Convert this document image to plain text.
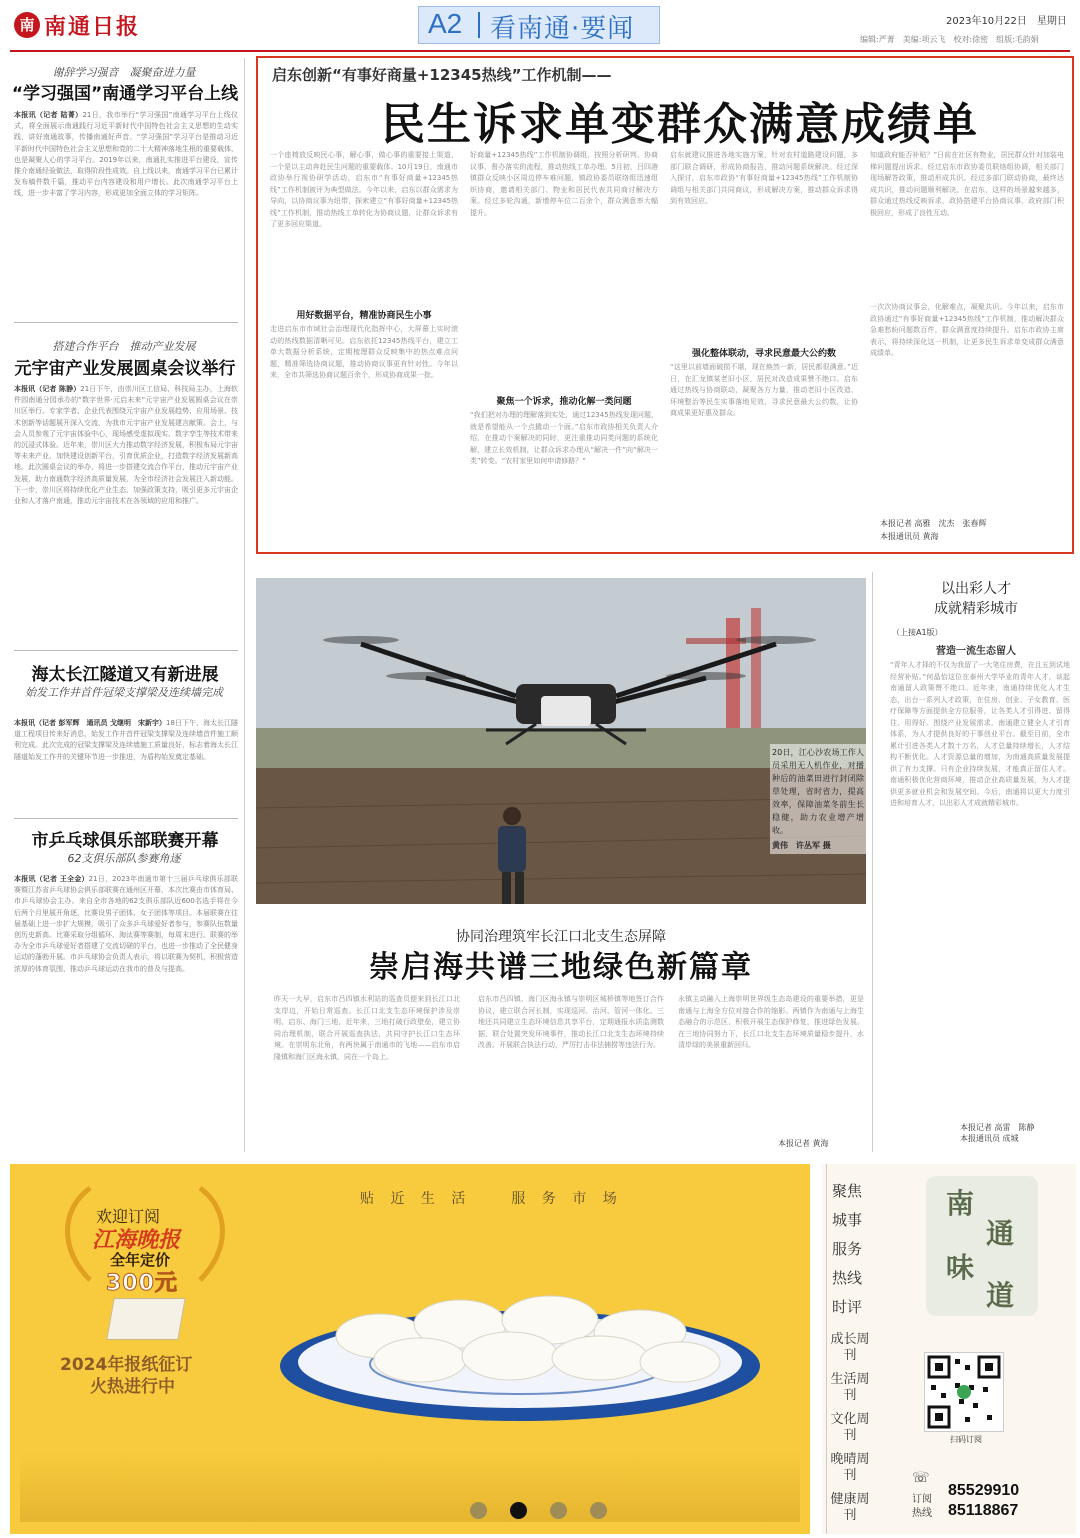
南 南通日报	A2 看南通·要闻	2023年10月22日　星期日
编辑:严菁　美编:项云飞　校对:徐密　组版:毛韵娟
谢辞学习强音　凝聚奋进力量
“学习强国”南通学习平台上线
本报讯（记者 陆菁）21日，我市举行“学习强国”南通学习平台上线仪式，将全面展示南通践行习近平新时代中国特色社会主义思想的生动实践，讲好南通故事，传播南通好声音。“学习强国”学习平台是推动习近平新时代中国特色社会主义思想和党的二十大精神落地生根的重要载体，也是凝聚人心的学习平台。2019年以来，南通扎实推进平台建设，宣传推介南通经验做法，取得阶段性成效。自上线以来，南通学习平台已累计发布稿件数千篇，推动平台内容建设和用户增长。此次南通学习平台上线，进一步丰富了学习内容，形成更加全面立体的学习矩阵。
搭建合作平台　推动产业发展
元宇宙产业发展圆桌会议举行
本报讯（记者 陈静）21日下午，由崇川区工信局、科技局主办，上海软件园南通分园承办的“数字世界·元启未来”元宇宙产业发展圆桌会议在崇川区举行。专家学者、企业代表围绕元宇宙产业发展趋势、应用场景、技术创新等话题展开深入交流，为我市元宇宙产业发展建言献策。会上，与会人员参观了元宇宙体验中心，现场感受虚拟现实、数字孪生等技术带来的沉浸式体验。近年来，崇川区大力推动数字经济发展，积极布局元宇宙等未来产业，加快建设创新平台，引育优质企业，打造数字经济发展新高地。此次圆桌会议的举办，将进一步搭建交流合作平台，推动元宇宙产业发展，助力南通数字经济高质量发展，为全市经济社会发展注入新动能。下一步，崇川区将持续优化产业生态，加强政策支持，吸引更多元宇宙企业和人才落户南通，推动元宇宙技术在各领域的应用和推广。
海太长江隧道又有新进展
始发工作井首件冠梁支撑梁及连续墙完成
本报讯（记者 彭军辉　通讯员 戈继明　宋新宇）18日下午，海太长江隧道工程项目传来好消息，始发工作井首件冠梁支撑梁及连续墙首件施工顺利完成。此次完成的冠梁支撑梁及连续墙施工质量良好，标志着海太长江隧道始发工作井的关键环节进一步推进，为盾构始发奠定基础。
市乒乓球俱乐部联赛开幕
62支俱乐部队参赛角逐
本报讯（记者 王全金）21日，2023年南通市第十三届乒乓球俱乐部联赛暨江苏省乒乓球协会俱乐部联赛在通州区开幕，本次比赛由市体育局、市乒乓球协会主办。来自全市各地的62支俱乐部队近600名选手将在今后两个月里展开角逐，比赛设男子团体、女子团体等项目。本届联赛在往届基础上进一步扩大规模，吸引了众多乒乓球爱好者参与，参赛队伍数量创历史新高。比赛采取分组循环、淘汰赛等赛制，每周末进行。联赛的举办为全市乒乓球爱好者搭建了交流切磋的平台，也进一步推动了全民健身运动的蓬勃开展。市乒乓球协会负责人表示，将以联赛为契机，积极营造浓厚的体育氛围，推动乒乓球运动在我市的普及与提高。
启东创新“有事好商量+12345热线”工作机制——
民生诉求单变群众满意成绩单
一个座椅放反映民心事，解心事，做心事的重要接上渠道，一个是以主动奔赴民生问题的重要载体。10月19日，南通市政协举行视协研学活动，启东市“有事好商量+12345热线”工作机制被评为典型做法。今年以来，启东以群众需求为导向，以协商议事为纽带，探索建立“有事好商量+12345热线”工作机制，推动热线工单转化为协商议题，让群众诉求有了更多回应渠道。
用好数据平台，精准协商民生小事
走进启东市市域社会治理现代化指挥中心，大屏幕上实时滚动的热线数据清晰可见。启东依托12345热线平台，建立工单大数据分析系统，定期梳理群众反映集中的热点难点问题，精准筛选协商议题，推动协商议事更有针对性。今年以来，全市共筛选协商议题百余个，形成协商成果一批。
好商量+12345热线”工作机制协调组，按照分析研判、协商议事、督办落实的流程，推动热线工单办理。5月初，吕四港镇群众反映小区周边停车难问题，镇政协委员联络组迅速组织协商，邀请相关部门、物业和居民代表共同商讨解决方案。经过多轮沟通，新增停车位二百余个，群众满意率大幅提升。
聚焦一个诉求，推动化解一类问题
“我们把对办理的理解落到实处，通过12345热线发现问题，就是希望能从一个点撬动一个面。”启东市政协相关负责人介绍，在推动个案解决的同时，更注重推动同类问题的系统化解，建立长效机制，让群众诉求办理从“解决一件”向“解决一类”转变。“农村家里如何申请修路？”
启东就建议推进各地实施方案，针对农村道路建设问题，多部门联合调研，形成协商报告，推动问题系统解决。经过深入探讨，启东市政协“有事好商量+12345热线”工作机制协调组与相关部门共同商议，形成解决方案，推动群众诉求得到有效回应。
强化整体联动，寻求民意最大公约数
“这里以前墙面破损不堪，现在焕然一新，居民都很满意。”近日，在汇龙镇某老旧小区，居民对改造成果赞不绝口。启东通过热线与协商联动，凝聚各方力量，推动老旧小区改造、环境整治等民生实事落地见效，寻求民意最大公约数，让协商成果更好惠及群众。
知道政府能否补贴？”日前在社区有物业，居民群众针对加装电梯问题提出诉求。经过启东市政协委员联络组协调，相关部门现场解答政策，推动形成共识。经过多部门联动协商，最终达成共识，推动问题顺利解决。在启东，这样的场景越来越多，群众通过热线反映诉求，政协搭建平台协商议事，政府部门积极回应，形成了良性互动。
一次次协商议事会，化解难点，凝聚共识。今年以来，启东市政协通过“有事好商量+12345热线”工作机制，推动解决群众急难愁盼问题数百件，群众满意度持续提升。启东市政协主席表示，将持续深化这一机制，让更多民生诉求单变成群众满意成绩单。
本报记者 高雅　沈杰　张春辉
本报通讯员 黄海
20日，江心沙农场工作人员采用无人机作业，对播种后的油菜田进行封闭除草处理，省时省力，提高效率，保障油菜冬前生长稳健，助力农业增产增收。
黄伟　许丛军 摄
以出彩人才
成就精彩城市
（上接A1版）
营造一流生态留人
“青年人才择的不仅为我留了一大笔住房费，在且五到试地经营补贴。”何晶怡这位在泰州大学毕业的青年人才，谈起南通留人政策赞不绝口。近年来，南通持续优化人才生态，出台一系列人才政策，在住房、创业、子女教育、医疗保障等方面提供全方位服务，让各类人才引得进、留得住、用得好。围绕产业发展需求，南通建立健全人才引育体系，为人才提供良好的干事创业平台。截至目前，全市累计引进各类人才数十万名，人才总量持续增长，人才结构不断优化。人才资源总量的增加，为南通高质量发展提供了有力支撑。只有企业持续发展，才能真正留住人才。南通积极优化营商环境，推动企业高质量发展，为人才提供更多就业机会和发展空间。今后，南通将以更大力度引进和培育人才，以出彩人才成就精彩城市。
本报记者 高雷　陈静
本报通讯员 成城
协同治理筑牢长江口北支生态屏障
崇启海共谱三地绿色新篇章
昨天一大早，启东市吕四镇水利站的巡查员便来到长江口北支岸边，开始日常巡查。长江口北支生态环境保护涉及崇明、启东、海门三地，近年来，三地打破行政壁垒，建立协同治理机制，联合开展巡查执法，共同守护长江口生态环境。在崇明东北角，有两块属于南通市的飞地——启东市启隆镇和海门区海永镇，同在一个岛上。
启东市吕四镇、海门区海永镇与崇明区城桥镇等地签订合作协议，建立联合河长制，实现巡河、治河、管河一体化。三地还共同建立生态环境信息共享平台，定期通报水质监测数据，联合处置突发环境事件，推动长江口北支生态环境持续改善。开展联合执法行动，严厉打击非法捕捞等违法行为。
永镇主动融入上海崇明世界级生态岛建设的重要举措，更是南通与上海全方位对接合作的缩影。两镇作为南通与上海生态融合的示范区，积极开展生态保护修复，推进绿色发展。在三地协同努力下，长江口北支生态环境质量稳步提升，水清岸绿的美景重新回归。
本报记者 黄海
欢迎订阅
江海晚报
全年定价
300元
2024年报纸征订
火热进行中
贴 近 生 活　　服 务 市 场	聚焦
城事
服务
热线
时评
成长周刊
生活周刊
文化周刊
晚晴周刊
健康周刊
南
通
味
道
扫码订阅
☏
订阅
热线
85529910
85118867
